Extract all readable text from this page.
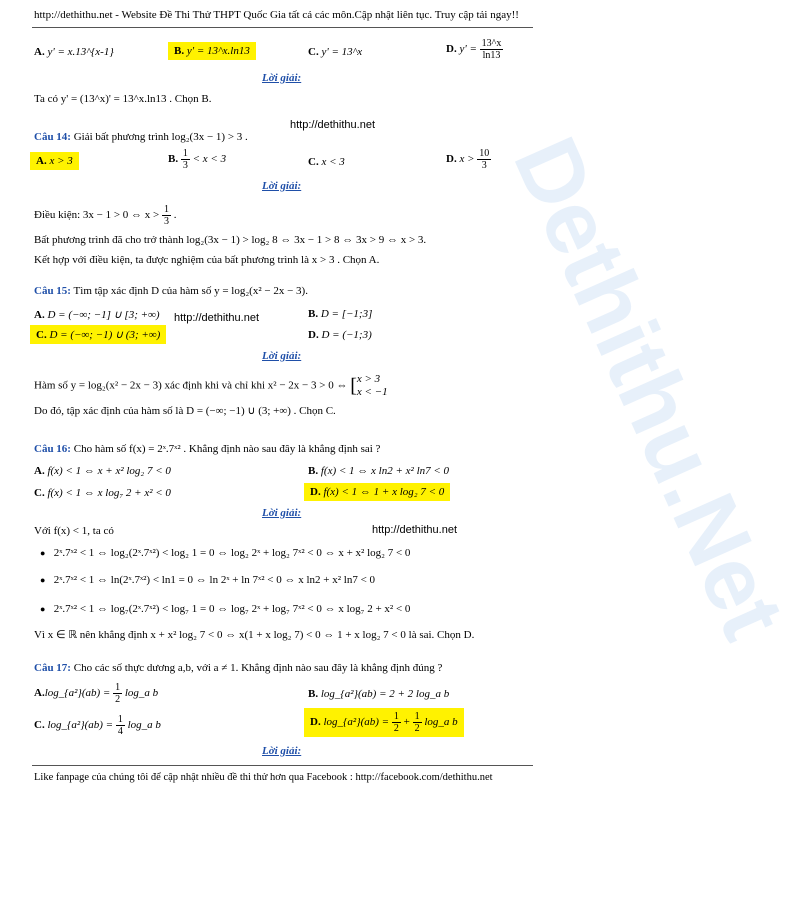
Dethithu.Net
http://dethithu.net - Website Đề Thi Thử THPT Quốc Gia tất cả các môn.Cập nhật liên tục. Truy cập tải ngay!!
A. y' = x.13^{x-1}	B. y' = 13^x.ln13	C. y' = 13^x	D. $y' = \frac{13\^{}x}{\ln 13}$
Lời giải:
Ta có y' = (13^x)' = 13^x.ln13 . Chọn B.
Câu 14: Giải bất phương trình log₂(3x − 1) > 3 .
http://dethithu.net
A. x > 3	B. $\frac{1}{3} < x < 3$	C. x < 3	D. $x > \frac{10}{3}$
Lời giải:
Điều kiện: 3x − 1 > 0 ⇔ $x > \frac{1}{3}$ .
Bất phương trình đã cho trở thành log₂(3x − 1) > log₂ 8 ⇔ 3x − 1 > 8 ⇔ 3x > 9 ⇔ x > 3.
Kết hợp với điều kiện, ta được nghiệm của bất phương trình là x > 3 . Chọn A.
Câu 15: Tìm tập xác định D của hàm số y = log₂(x² − 2x − 3).
A. D = (−∞; −1] ∪ [3; +∞) http://dethithu.net	B. D = [−1;3]
C. D = (−∞; −1) ∪ (3; +∞)	D. D = (−1;3)
Lời giải:
Hàm số y = log₂(x² − 2x − 3) xác định khi và chỉ khi x² − 2x − 3 > 0 ⇔ [ x > 3
x < −1
Do đó, tập xác định của hàm số là D = (−∞; −1) ∪ (3; +∞) . Chọn C.
Câu 16: Cho hàm số f(x) = 2ˣ.7ˣ² . Khẳng định nào sau đây là khẳng định sai ?
A. f(x) < 1 ⇔ x + x² log₂ 7 < 0	B. f(x) < 1 ⇔ x ln2 + x² ln7 < 0
C. f(x) < 1 ⇔ x log₇ 2 + x² < 0	D. f(x) < 1 ⇔ 1 + x log₂ 7 < 0
Lời giải:
Với f(x) < 1, ta có	http://dethithu.net
● 2ˣ.7ˣ² < 1 ⇔ log₂(2ˣ.7ˣ²) < log₂ 1 = 0 ⇔ log₂ 2ˣ + log₂ 7ˣ² < 0 ⇔ x + x² log₂ 7 < 0
● 2ˣ.7ˣ² < 1 ⇔ ln(2ˣ.7ˣ²) < ln1 = 0 ⇔ ln 2ˣ + ln 7ˣ² < 0 ⇔ x ln2 + x² ln7 < 0
● 2ˣ.7ˣ² < 1 ⇔ log₇(2ˣ.7ˣ²) < log₇ 1 = 0 ⇔ log₇ 2ˣ + log₇ 7ˣ² < 0 ⇔ x log₇ 2 + x² < 0
Vì x ∈ ℝ nên khẳng định x + x² log₂ 7 < 0 ⇔ x(1 + x log₂ 7) < 0 ⇔ 1 + x log₂ 7 < 0 là sai. Chọn D.
Câu 17: Cho các số thực dương a,b, với a ≠ 1. Khẳng định nào sau đây là khẳng định đúng ?
A.log_{a²}(ab) = $\frac{1}{2}$ log_a b	B. log_{a²}(ab) = 2 + 2 log_a b
C. log_{a²}(ab) = $\frac{1}{4}$ log_a b	D. log_{a²}(ab) = $\frac{1}{2} + \frac{1}{2}$ log_a b
Lời giải:
Like fanpage của chúng tôi để cập nhật nhiều đề thi thử hơn qua Facebook : http://facebook.com/dethithu.net
